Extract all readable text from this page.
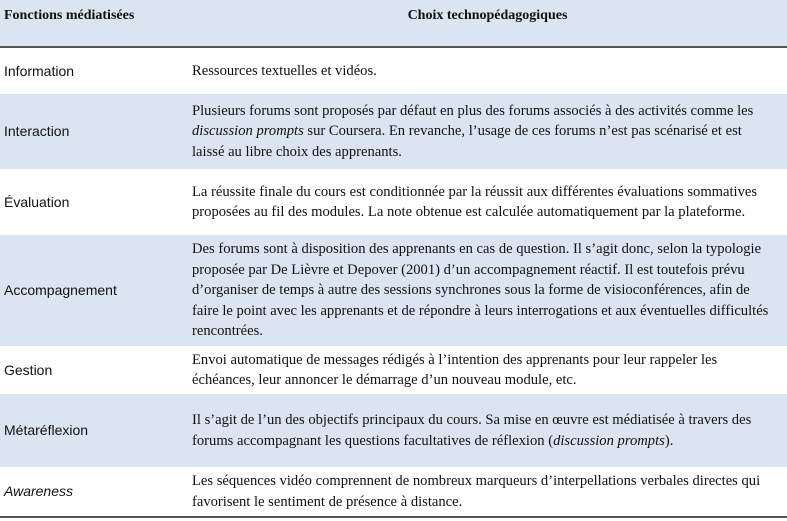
Fonctions médiatisées	Choix technopédagogiques
Information	Ressources textuelles et vidéos.
Interaction	Plusieurs forums sont proposés par défaut en plus des forums associés à des activités comme les discussion prompts sur Coursera. En revanche, l’usage de ces forums n’est pas scénarisé et est laissé au libre choix des apprenants.
Évaluation	La réussite finale du cours est conditionnée par la réussit aux différentes évaluations sommatives proposées au fil des modules. La note obtenue est calculée automatiquement par la plateforme.
Accompagnement	Des forums sont à disposition des apprenants en cas de question. Il s’agit donc, selon la typologie proposée par De Lièvre et Depover (2001) d’un accompagnement réactif. Il est toutefois prévu d’organiser de temps à autre des sessions synchrones sous la forme de visioconférences, afin de faire le point avec les apprenants et de répondre à leurs interrogations et aux éventuelles difficultés rencontrées.
Gestion	Envoi automatique de messages rédigés à l’intention des apprenants pour leur rappeler les échéances, leur annoncer le démarrage d’un nouveau module, etc.
Métaréflexion	Il s’agit de l’un des objectifs principaux du cours. Sa mise en œuvre est médiatisée à travers des forums accompagnant les questions facultatives de réflexion (discussion prompts).
Awareness	Les séquences vidéo comprennent de nombreux marqueurs d’interpellations verbales directes qui favorisent le sentiment de présence à distance.
